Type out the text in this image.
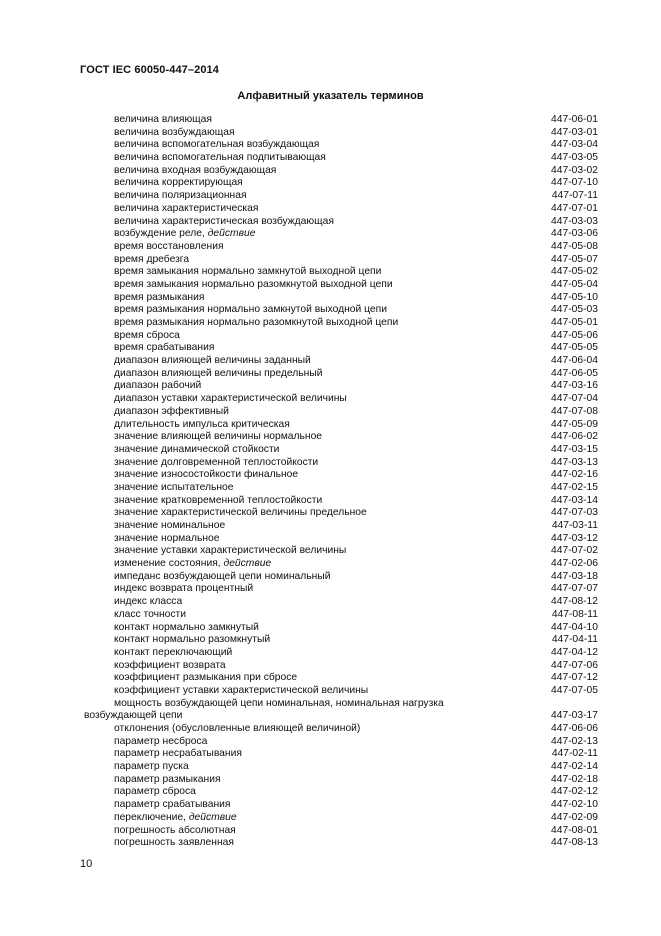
ГОСТ IEC 60050-447–2014
Алфавитный указатель терминов
величина влияющая	447-06-01
величина возбуждающая	447-03-01
величина вспомогательная возбуждающая	447-03-04
величина вспомогательная подпитывающая	447-03-05
величина входная возбуждающая	447-03-02
величина корректирующая	447-07-10
величина поляризационная	447-07-11
величина характеристическая	447-07-01
величина характеристическая возбуждающая	447-03-03
возбуждение реле, действие	447-03-06
время восстановления	447-05-08
время дребезга	447-05-07
время замыкания нормально замкнутой выходной цепи	447-05-02
время замыкания нормально разомкнутой выходной цепи	447-05-04
время размыкания	447-05-10
время размыкания нормально замкнутой выходной цепи	447-05-03
время размыкания нормально разомкнутой выходной цепи	447-05-01
время сброса	447-05-06
время срабатывания	447-05-05
диапазон влияющей величины заданный	447-06-04
диапазон влияющей величины предельный	447-06-05
диапазон рабочий	447-03-16
диапазон уставки характеристической величины	447-07-04
диапазон эффективный	447-07-08
длительность импульса критическая	447-05-09
значение влияющей величины нормальное	447-06-02
значение динамической стойкости	447-03-15
значение долговременной теплостойкости	447-03-13
значение износостойкости финальное	447-02-16
значение испытательное	447-02-15
значение кратковременной теплостойкости	447-03-14
значение характеристической величины предельное	447-07-03
значение номинальное	447-03-11
значение нормальное	447-03-12
значение уставки характеристической величины	447-07-02
изменение состояния, действие	447-02-06
импеданс возбуждающей цепи номинальный	447-03-18
индекс возврата процентный	447-07-07
индекс класса	447-08-12
класс точности	447-08-11
контакт нормально замкнутый	447-04-10
контакт нормально разомкнутый	447-04-11
контакт переключающий	447-04-12
коэффициент возврата	447-07-06
коэффициент размыкания при сбросе	447-07-12
коэффициент уставки характеристической величины	447-07-05
мощность возбуждающей цепи номинальная, номинальная нагрузка
возбуждающей цепи	447-03-17
отклонения (обусловленные влияющей величиной)	447-06-06
параметр несброса	447-02-13
параметр несрабатывания	447-02-11
параметр пуска	447-02-14
параметр размыкания	447-02-18
параметр сброса	447-02-12
параметр срабатывания	447-02-10
переключение, действие	447-02-09
погрешность абсолютная	447-08-01
погрешность заявленная	447-08-13
10
